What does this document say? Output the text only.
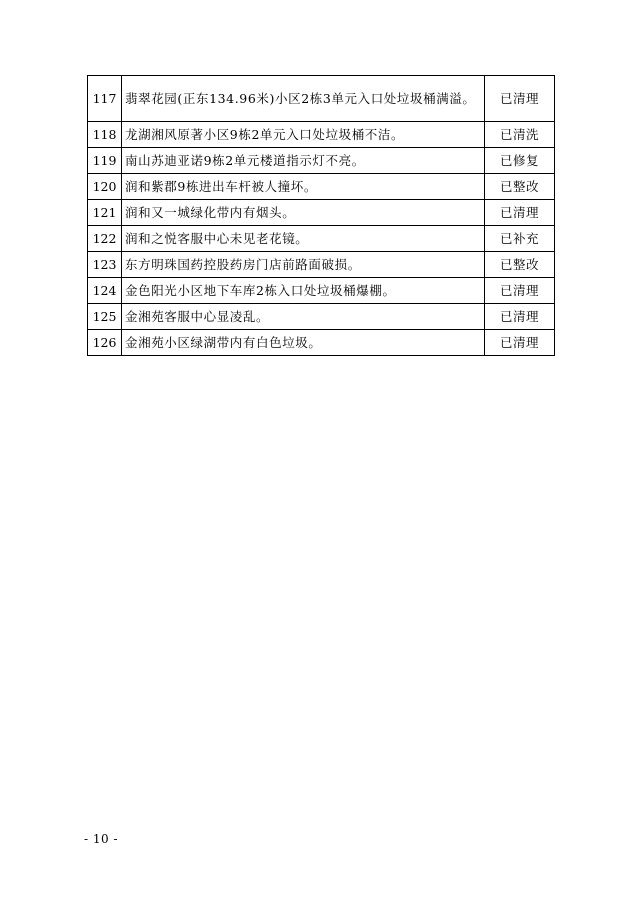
117	翡翠花园(正东134.96米)小区2栋3单元入口处垃圾桶满溢。	已清理
118	龙湖湘风原著小区9栋2单元入口处垃圾桶不洁。	已清洗
119	南山苏迪亚诺9栋2单元楼道指示灯不亮。	已修复
120	润和紫郡9栋进出车杆被人撞坏。	已整改
121	润和又一城绿化带内有烟头。	已清理
122	润和之悦客服中心未见老花镜。	已补充
123	东方明珠国药控股药房门店前路面破损。	已整改
124	金色阳光小区地下车库2栋入口处垃圾桶爆棚。	已清理
125	金湘苑客服中心显凌乱。	已清理
126	金湘苑小区绿湖带内有白色垃圾。	已清理
- 10 -
